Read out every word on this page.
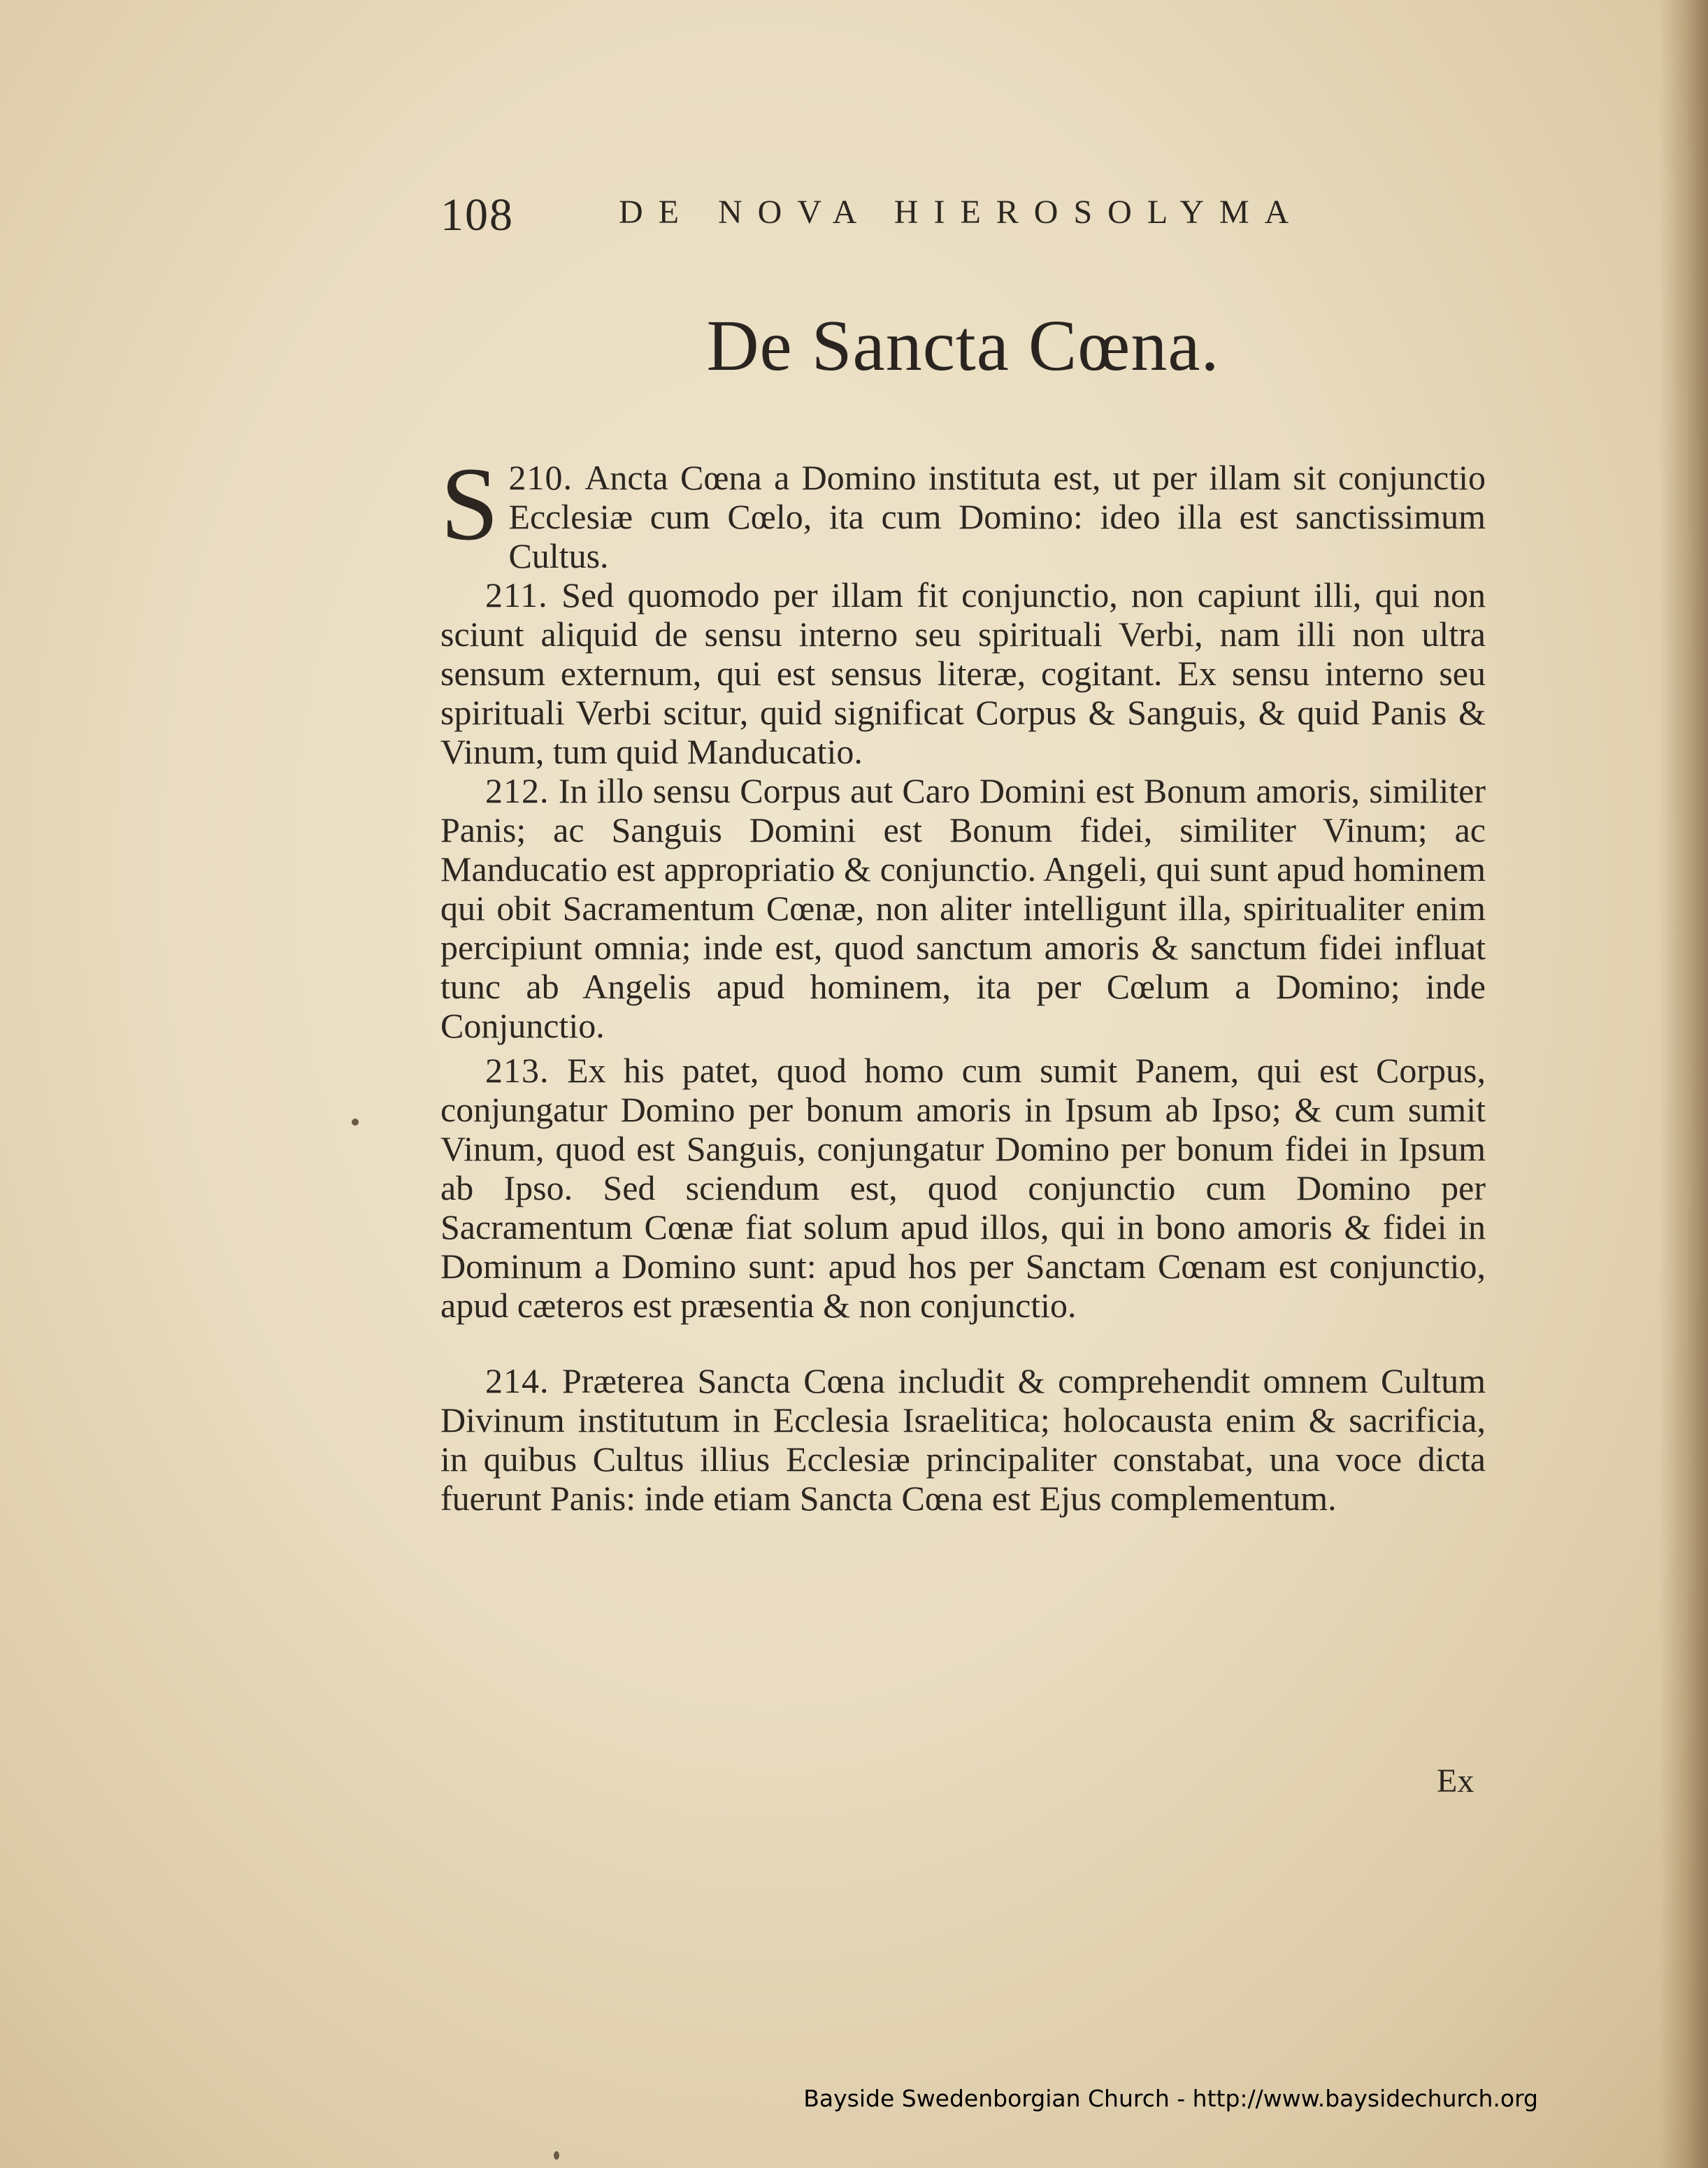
108	DE NOVA HIEROSOLYMA
De Sancta Cœna.

210.
S Ancta Cœna a Domino instituta est, ut per illam sit conjunctio Ecclesiæ cum Cœlo, ita cum Domino: ideo illa est sanctissimum Cultus.

211. Sed quomodo per illam fit conjunctio, non capiunt illi, qui non sciunt aliquid de sensu interno seu spirituali Verbi, nam illi non ultra sensum externum, qui est sensus literæ, cogitant. Ex sensu interno seu spirituali Verbi scitur, quid significat Corpus & Sanguis, & quid Panis & Vinum, tum quid Manducatio.

212. In illo sensu Corpus aut Caro Domini est Bonum amoris, similiter Panis; ac Sanguis Domini est Bonum fidei, similiter Vinum; ac Manducatio est appropriatio & conjunctio. Angeli, qui sunt apud hominem qui obit Sacramentum Cœnæ, non aliter intelligunt illa, spiritualiter enim percipiunt omnia; inde est, quod sanctum amoris & sanctum fidei influat tunc ab Angelis apud hominem, ita per Cœlum a Domino; inde Conjunctio.

213. Ex his patet, quod homo cum sumit Panem, qui est Corpus, conjungatur Domino per bonum amoris in Ipsum ab Ipso; & cum sumit Vinum, quod est Sanguis, conjungatur Domino per bonum fidei in Ipsum ab Ipso. Sed sciendum est, quod conjunctio cum Domino per Sacramentum Cœnæ fiat solum apud illos, qui in bono amoris & fidei in Dominum a Domino sunt: apud hos per Sanctam Cœnam est conjunctio, apud cæteros est præsentia & non conjunctio.

214. Præterea Sancta Cœna includit & comprehendit omnem Cultum Divinum institutum in Ecclesia Israelitica; holocausta enim & sacrificia, in quibus Cultus illius Ecclesiæ principaliter constabat, una voce dicta fuerunt Panis: inde etiam Sancta Cœna est Ejus complementum.

Ex
Bayside Swedenborgian Church - http://www.baysidechurch.org
